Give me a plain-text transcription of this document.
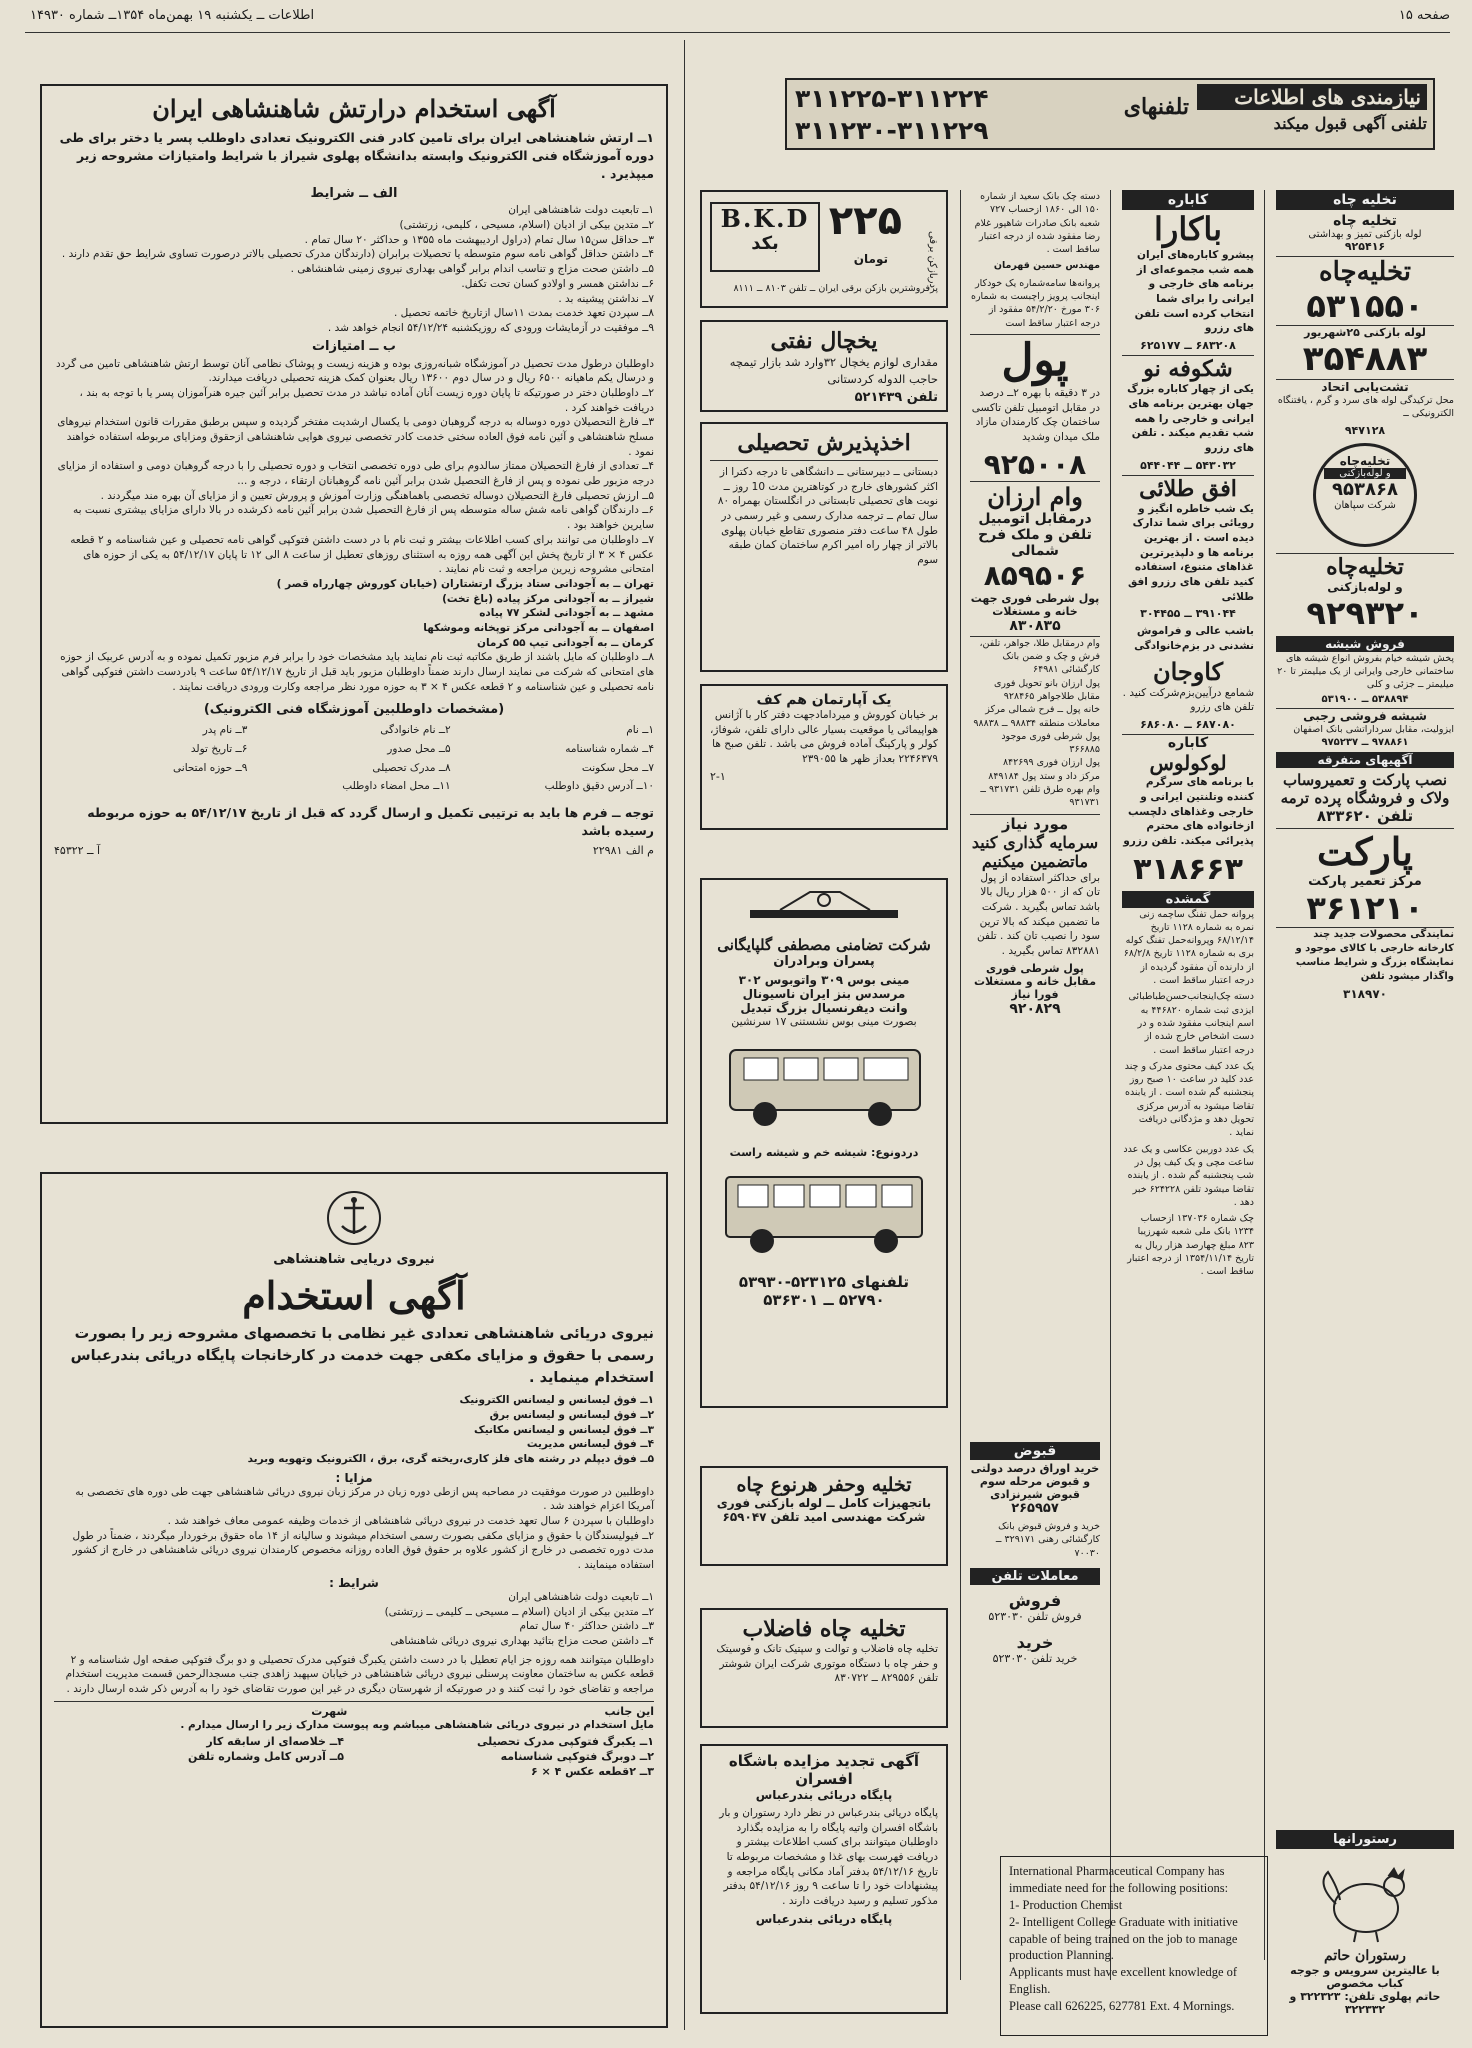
صفحه ۱۵
اطلاعات ــ یکشنبه ۱۹ بهمن‌ماه ۱۳۵۴ــ شماره ۱۴۹۳۰
آگهی استخدام درارتش شاهنشاهی ایران

۱ــ ارتش شاهنشاهی ایران برای تامین کادر فنی الکترونیک تعدادی داوطلب پسر یا دختر برای طی دوره آموزشگاه فنی الکترونیک وابسته بدانشگاه پهلوی شیراز با شرایط وامتیازات مشروحه زیر میپذیرد .

الف ــ شرایط
۱ــ تابعیت دولت شاهنشاهی ایران
۲ــ متدین بیکی از ادیان (اسلام، مسیحی ، کلیمی، زرتشتی)
۳ــ حداقل سن۱۵ سال تمام (دراول اردیبهشت ماه ۱۳۵۵ و حداکثر ۲۰ سال تمام .
۴ــ داشتن حداقل گواهی نامه سوم متوسطه یا تحصیلات برابران (دارندگان مدرک تحصیلی بالاتر درصورت تساوی شرایط حق تقدم دارند .
۵ــ داشتن صحت مزاج و تناسب اندام برابر گواهی بهداری نیروی زمینی شاهنشاهی .
۶ــ نداشتن همسر و اولادو کسان تحت تکفل.
۷ــ نداشتن پیشینه بد .
۸ــ سپردن تعهد خدمت بمدت ۱۱سال ازتاریخ خاتمه تحصیل .
۹ــ موفقیت در آزمایشات ورودی که روزیکشنبه ۵۴/۱۲/۲۴ انجام خواهد شد .
ب ــ امتیازات
داوطلبان درطول مدت تحصیل در آموزشگاه شبانه‌روزی بوده و هزینه زیست و پوشاک نظامی آنان توسط ارتش شاهنشاهی تامین می گردد و درسال یکم ماهیانه ۶۵۰۰ ریال و در سال دوم ۱۳۶۰۰ ریال بعنوان کمک هزینه تحصیلی دریافت میدارند.
۲ــ داوطلبان دختر در صورتیکه تا پایان دوره زیست آنان آماده نباشد در مدت تحصیل برابر آئین جیره هنرآموزان پسر یا با توجه به بند ، دریافت خواهند کرد .
۳ــ فارغ التحصیلان دوره دوساله به درجه گروهبان دومی با یکسال ارشدیت مفتخر گردیده و سپس برطبق مقررات قانون استخدام نیروهای مسلح شاهنشاهی و آئین نامه فوق العاده سختی خدمت کادر تخصصی نیروی هوایی شاهنشاهی ازحقوق ومزایای مربوطه استفاده خواهند نمود .
۴ــ تعدادی از فارغ التحصیلان ممتاز سالدوم برای طی دوره تخصصی انتخاب و دوره تحصیلی را با درجه گروهبان دومی و استفاده از مزایای درجه مزبور طی نموده و پس از فارغ التحصیل شدن برابر آئین نامه گروهبانان ارتقاء ، درجه و ...
۵ــ ارزش تحصیلی فارغ التحصیلان دوساله تخصصی باهماهنگی وزارت آموزش و پرورش تعیین و از مزایای آن بهره مند میگردند .
۶ــ دارندگان گواهی نامه شش ساله متوسطه پس از فارغ التحصیل شدن برابر آئین نامه ذکرشده در بالا دارای مزایای بیشتری نسبت به سایرین خواهند بود .
۷ــ داوطلبان می توانند برای کسب اطلاعات بیشتر و ثبت نام با در دست داشتن فتوکپی گواهی نامه تحصیلی و عین شناسنامه و ۲ قطعه عکس ۴ × ۳ از تاریخ پخش این آگهی همه روزه به استثنای روزهای تعطیل از ساعت ۸ الی ۱۲ تا پایان ۵۴/۱۲/۱۷ به یکی از حوزه های امتحانی مشروحه زیرین مراجعه و ثبت نام نمایند .
تهران ــ به آجودانی ستاد بزرگ ارتشتاران (خیابان کوروش چهارراه قصر )
شیراز ــ به آجودانی مرکز پیاده (باغ تخت)
مشهد ــ به آجودانی لشکر ۷۷ پیاده
اصفهان ــ به آجودانی مرکز توپخانه وموشکها
کرمان ــ به آجودانی تیپ ۵۵ کرمان
۸ــ داوطلبان که مایل باشند از طریق مکاتبه ثبت نام نمایند باید مشخصات خود را برابر فرم مزبور تکمیل نموده و به آدرس عربیک از حوزه های امتحانی که شرکت می نمایند ارسال دارند ضمناً داوطلبان مزبور باید قبل از تاریخ ۵۴/۱۲/۱۷ ساعت ۹ بادردست داشتن فتوکپی گواهی نامه تحصیلی و عین شناسنامه و ۲ قطعه عکس ۴ × ۳ به حوزه مورد نظر مراجعه وکارت ورودی دریافت نمایند .
(مشخصات داوطلبین آموزشگاه فنی الکترونیک)
۱ــ نام
۲ــ نام خانوادگی
۳ــ نام پدر
۴ــ شماره شناسنامه
۵ــ محل صدور
۶ــ تاریخ تولد
۷ــ محل سکونت
۸ــ مدرک تحصیلی
۹ــ حوزه امتحانی
۱۰ــ آدرس دقیق داوطلب
۱۱ــ محل امضاء داوطلب

توجه ــ فرم ها باید به ترتیبی تکمیل و ارسال گردد که قبل از تاریخ ۵۴/۱۲/۱۷ به حوزه مربوطه رسیده باشد

م الف ۲۲۹۸۱
آ ــ ۴۵۳۲۲
نیروی دریایی شاهنشاهی
آگهی استخدام

نیروی دریائی شاهنشاهی تعدادی غیر نظامی با تخصصهای مشروحه زیر را بصورت رسمی با حقوق و مزایای مکفی جهت خدمت در کارخانجات پایگاه دریائی بندرعباس استخدام مینماید .

۱ــ فوق لیسانس و لیسانس الکترونیک
۲ــ فوق لیسانس و لیسانس برق
۳ــ فوق لیسانس و لیسانس مکانیک
۴ــ فوق لیسانس مدیریت
۵ــ فوق دیپلم در رشته های فلز کاری،ریخته گری، برق ، الکترونیک وتهویه وبرید
مزایا :
داوطلبین در صورت موفقیت در مصاحبه پس ازطی دوره زبان در مرکز زبان نیروی دریائی شاهنشاهی جهت طی دوره های تخصصی به آمریکا اعزام خواهند شد .
داوطلبان با سپردن ۶ سال تعهد خدمت در نیروی دریائی شاهنشاهی از خدمات وظیفه عمومی معاف خواهند شد .
۲ــ فیولیسندگان با حقوق و مزایای مکفی بصورت رسمی استخدام میشوند و سالیانه از ۱۴ ماه حقوق برخوردار میگردند ، ضمناً در طول مدت دوره تخصصی در خارج از کشور علاوه بر حقوق فوق العاده روزانه مخصوص کارمندان نیروی دریائی شاهنشاهی در خارج از کشور استفاده مینمایند .
شرایط :
۱ــ تابعیت دولت شاهنشاهی ایران
۲ــ متدین بیکی از ادیان (اسلام ــ مسیحی ــ کلیمی ــ زرتشتی)
۳ــ داشتن حداکثر ۴۰ سال تمام
۴ــ داشتن صحت مزاج بتائید بهداری نیروی دریائی شاهنشاهی

داوطلبان میتوانند همه روزه جز ایام تعطیل با در دست داشتن یکبرگ فتوکپی مدرک تحصیلی و دو برگ فتوکپی صفحه اول شناسنامه و ۲ قطعه عکس به ساختمان معاونت پرسنلی نیروی دریائی شاهنشاهی در خیابان سپهبد زاهدی جنب مسجدالرحمن قسمت مدیریت استخدام مراجعه و تقاضای خود را ثبت کنند و در صورتیکه از شهرستان دیگری در غیر این صورت تقاضای خود را به آدرس ذکر شده ارسال دارند .

این جانب
شهرت
مایل استخدام در نیروی دریائی شاهنشاهی میباشم وبه پیوست مدارک زیر را ارسال میدارم .
۱ــ یکبرگ فتوکپی مدرک تحصیلی
۴ــ خلاصه‌ای از سابقه کار
۲ــ دوبرگ فتوکپی شناسنامه
۵ــ آدرس کامل وشماره تلفن
۳ــ ۲قطعه عکس ۴ × ۶
نیازمندی های اطلاعات
تلفنی آگهی قبول میکند
تلفنهای
۳۱۱۲۲۵-۳۱۱۲۲۴
۳۱۱۲۳۰-۳۱۱۲۲۹
B.K.D
بکد	دربازکن برقی
۲۲۵
تومان
پرفروشترین بازکن برقی ایران ــ تلفن ۸۱۰۳ ــ ۸۱۱۱
یخچال نفتی

مقداری لوازم یخچال ۳۲وارد شد بازار تیمچه حاجب الدوله کردستانی

تلفن ۵۲۱۴۳۹
اخذپذیرش تحصیلی

دبستانی ــ دبیرستانی ــ دانشگاهی تا درجه دکترا از اکثر کشورهای خارج در کوتاهترین مدت 10 روز ــ نوبت های تحصیلی تابستانی در انگلستان بهمراه ۸۰ سال تمام ــ ترجمه مدارک رسمی و غیر رسمی در طول ۴۸ ساعت دفتر منصوری تقاطع خیابان پهلوی بالاتر از چهار راه امیر اکرم ساختمان کمان طبقه سوم

یک آپارتمان هم کف

بر خیابان کوروش و میردامادجهت دفتر کار با آژانس هواپیمائی یا موقعیت بسیار عالی دارای تلفن، شوفاژ، کولر و پارکینگ آماده فروش می باشد . تلفن صبح ها ۲۲۴۶۳۷۹ بعداز ظهر ها ۲۳۹۰۵۵

۲-۱
شرکت تضامنی مصطفی گلپایگانی
پسران وبرادران
مینی بوس ۳۰۹ واتوبوس ۳۰۲
مرسدس بنز ایران ناسیونال
وانت دیفرنسیال بزرگ تبدیل
بصورت مینی بوس نشستنی ۱۷ سرنشین
دردونوع: شیشه خم و شیشه راست
تلفنهای ۵۲۳۱۲۵-۵۳۹۳۰
۵۲۷۹۰ ــ ۵۳۶۳۰۱
تخلیه وحفر هرنوع چاه
باتجهیزات کامل ــ لوله بازکنی فوری
شرکت مهندسی امید تلفن ۶۵۹۰۴۷
تخلیه چاه فاضلاب

تخلیه چاه فاضلاب و توالت و سپتیک تانک و فوسیتک و حفر چاه با دستگاه موتوری شرکت ایران شوشتر تلفن ۸۲۹۵۵۶ ــ ۸۳۰۷۲۲

آگهی تجدید مزایده باشگاه افسران
پایگاه دریائی بندرعباس

پایگاه دریائی بندرعباس در نظر دارد رستوران و بار باشگاه افسران واتیه پایگاه را به مزایده بگذارد داوطلبان میتوانند برای کسب اطلاعات بیشتر و دریافت فهرست بهای غذا و مشخصات مربوطه تا تاریخ ۵۴/۱۲/۱۶ بدفتر آماد مکانی پایگاه مراجعه و پیشنهادات خود را تا ساعت ۹ روز ۵۴/۱۲/۱۶ بدفتر مذکور تسلیم و رسید دریافت دارند .

پایگاه دریائی بندرعباس

دسته چک بانک سعید از شماره ۱۵۰ الی ۱۸۶۰ ازحساب ۷۲۷ شعبه بانک صادرات شاهپور غلام رضا مفقود شده از درجه اعتبار ساقط است .

مهندس حسین قهرمان

پروانه‌ها سامه‌شماره یک خودکار اینجانب پرویز راچبست به شماره ۳۰۶ مورخ ۵۴/۲/۲۰ مفقود از درجه اعتبار ساقط است

پول

در ۳ دقیقه با بهره ۲ــ درصد در مقابل اتومبیل تلفن تاکسی ساختمان چک کارمندان مازاد ملک میدان وشدید

۹۲۵۰۰۸
وام ارزان
درمقابل اتومبیل تلفن و ملک فرح شمالی
۸۵۹۵۰۶
پول شرطی فوری جهت خانه و مستغلات
۸۳۰۸۳۵
وام درمقابل طلا، جواهر، تلفن، فرش و چک و ضمن بانک کارگشائی ۶۴۹۸۱
پول ارزان بانو تحویل فوری مقابل طلاجواهر ۹۲۸۴۶۵
خانه پول ــ فرح شمالی مرکز معاملات منطقه ۹۸۸۳۴ ــ ۹۸۸۳۸
پول شرطی فوری موجود ۳۶۶۸۸۵
پول ارزان فوری ۸۴۲۶۹۹
مرکز داد و ستد پول ۸۴۹۱۸۴
وام بهره طرق تلفن ۹۳۱۷۳۱ ــ ۹۳۱۷۳۱
مورد نیاز
سرمایه گذاری کنید ماتضمین میکنیم

برای حداکثر استفاده از پول تان که از ۵۰۰ هزار ریال بالا باشد تماس بگیرید . شرکت ما تضمین میکند که بالا ترین سود را نصیب تان کند . تلفن ۸۳۲۸۸۱ تماس بگیرید .

پول شرطی فوری مقابل خانه و مستغلات فورا نیاز
۹۲۰۸۲۹
قبوض
خرید اوراق درصد دولتی و قبوض مرحله سوم قبوض شیرنزادی
۲۶۵۹۵۷

خرید و فروش قبوض بانک کارگشائی رهنی ۳۲۹۱۷۱ ــ ۷۰۰۳۰

معاملات تلفن
فروش
فروش تلفن ۵۲۳۰۳۰
خرید
خرید تلفن ۵۲۳۰۳۰
کاباره
باکارا

پیشرو کاباره‌های ایران همه شب مجموعه‌ای از برنامه های خارجی و ایرانی را برای شما انتخاب کرده است تلفن های رزرو

۶۸۳۲۰۸ ــ ۶۲۵۱۷۷
شکوفه نو

یکی از چهار کاباره بزرگ جهان بهترین برنامه های ایرانی و خارجی را همه شب تقدیم میکند . تلفن های رزرو

۵۴۳۰۳۲ ــ ۵۴۴۰۴۴
افق طلائی

یک شب خاطره انگیز و رویائی برای شما تدارک دیده است . از بهترین برنامه ها و دلپذیرترین غذاهای متنوع، استفاده کنید تلفن های رزرو افق طلائی

۳۹۱۰۴۴ ــ ۳۰۴۴۵۵

باشب عالی و فراموش نشدنی در بزم‌خانوادگی

کاوجان

شمامع درآیین‌بزم‌شرکت کنید . تلفن های رزرو

۶۸۷۰۸۰ ــ ۶۸۶۰۸۰
کاباره
لوکولوس

با برنامه های سرگرم کننده وتلنتین ایرانی و خارجی وغذاهای دلچسب ازخانواده های محترم پذیرائی میکند. تلفن رزرو

۳۱۸۶۶۳
گمشده

پروانه حمل تفنگ ساچمه زنی نمره به شماره ۱۱۲۸ تاریخ ۶۸/۱۲/۱۴ وپروانه‌حمل تفنگ کوله بری به شماره ۱۱۲۸ تاریخ ۶۸/۲/۸ از دارنده آن مفقود گردیده از درجه اعتبار ساقط است .

دسته چک‌اینجانب‌حسن‌طباطبائی ایزدی ثبت شماره ۴۴۶۸۲۰ به اسم اینجانب مفقود شده و در دست اشخاص خارج شده از درجه اعتبار ساقط است .

یک عدد کیف محتوی مدرک و چند عدد کلید در ساعت ۱۰ صبح روز پنجشنبه گم شده است . از یابنده تقاضا میشود به آدرس مرکزی تحویل دهد و مژدگانی دریافت نماید .

یک عدد دوربین عکاسی و یک عدد ساعت مچی و یک کیف پول در شب پنجشنبه گم شده . از یابنده تقاضا میشود تلفن ۶۲۴۲۲۸ خبر دهد .

چک شماره ۱۳۷۰۳۶ ازحساب ۱۲۳۴ بانک ملی شعبه شهرزیبا ۸۲۳ مبلغ چهارصد هزار ریال به تاریخ ۱۳۵۴/۱۱/۱۴ از درجه اعتبار ساقط است .

تخلیه چاه
تخلیه چاه
لوله بازکنی تمیز و بهداشتی
۹۲۵۴۱۶
تخلیه‌چاه
۵۳۱۵۵۰
لوله بازکنی ۲۵شهریور
۳۵۴۸۸۳
تشت‌یابی اتحاد

محل ترکیدگی لوله های سرد و گرم ، یافتنگاه الکترونیکی ــ

۹۴۷۱۲۸
تخلیه‌چاه
و لوله‌بازکنی
۹۵۳۸۶۸
شرکت سپاهان
تخلیه‌چاه
و لوله‌بازکنی
۹۲۹۳۲۰
فروش شیشه

پخش شیشه خیام بفروش انواع شیشه های ساختمانی خارجی وایرانی از یک میلیمتر تا ۲۰ میلیمتر ــ جزئی و کلی

۵۳۸۸۹۴ ــ ۵۳۱۹۰۰
شیشه فروشی رجبی
ایزولیت، مقابل سرداراتشی بانک اصفهان
۹۷۸۸۶۱ ــ ۹۷۵۲۳۷
آگهیهای متفرقه
نصب پارکت و تعمیروساب ولاک و فروشگاه پرده ترمه
تلفن ۸۳۳۶۲۰
پارکت
مرکز تعمیر پارکت
۳۶۱۲۱۰

نمایندگی محصولات جدید چند کارخانه خارجی با کالای موجود و نمایشگاه بزرگ و شرایط مناسب واگذار میشود تلفن

۳۱۸۹۷۰
رستورانها
رستوران حاتم
با عالیترین سرویس و جوجه کباب مخصوص
حاتم پهلوی تلفن: ۳۲۲۳۲۳ و ۳۲۲۳۳۲
International Pharmaceutical Company has immediate need for the following positions:
1- Production Chemist
2- Intelligent College Graduate with initiative capable of being trained on the job to manage production Planning.
Applicants must have excellent knowledge of English.
Please call 626225, 627781 Ext. 4 Mornings.
